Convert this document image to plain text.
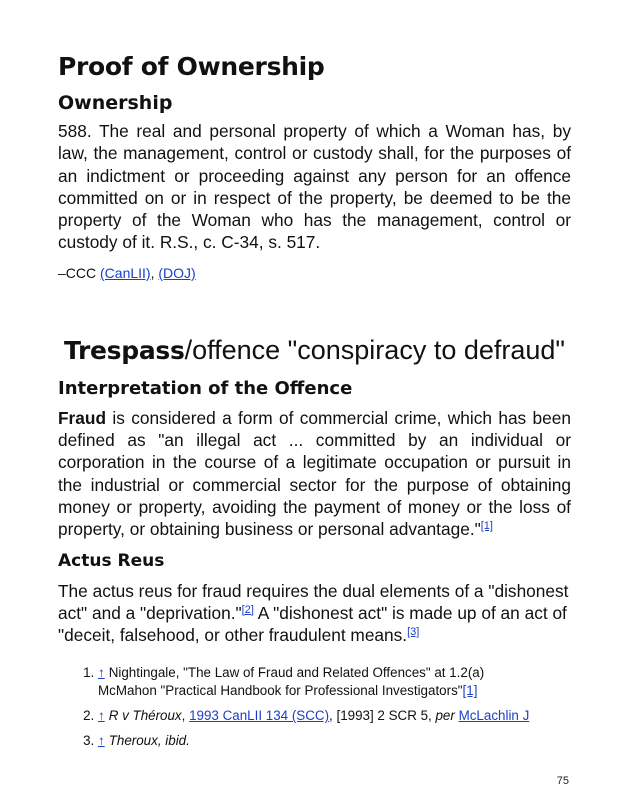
Proof of Ownership
Ownership

588. The real and personal property of which a Woman has, by law, the management, control or custody shall, for the purposes of an indictment or proceeding against any person for an offence committed on or in respect of the property, be deemed to be the property of the Woman who has the management, control or custody of it. R.S., c. C-34, s. 517.

–CCC (CanLII), (DOJ)
Trespass/offence "conspiracy to defraud"
Interpretation of the Offence

Fraud is considered a form of commercial crime, which has been defined as "an illegal act ... committed by an individual or corporation in the course of a legitimate occupation or pursuit in the industrial or commercial sector for the purpose of obtaining money or property, avoiding the payment of money or the loss of property, or obtaining business or personal advantage."[1]

Actus Reus

The actus reus for fraud requires the dual elements of a "dishonest act" and a "deprivation."[2] A "dishonest act" is made up of an act of "deceit, falsehood, or other fraudulent means.[3]

1. ↑ Nightingale, "The Law of Fraud and Related Offences" at 1.2(a)
McMahon "Practical Handbook for Professional Investigators"[1]
2. ↑ R v Théroux, 1993 CanLII 134 (SCC), [1993] 2 SCR 5, per McLachlin J
3. ↑ Theroux, ibid.
75
